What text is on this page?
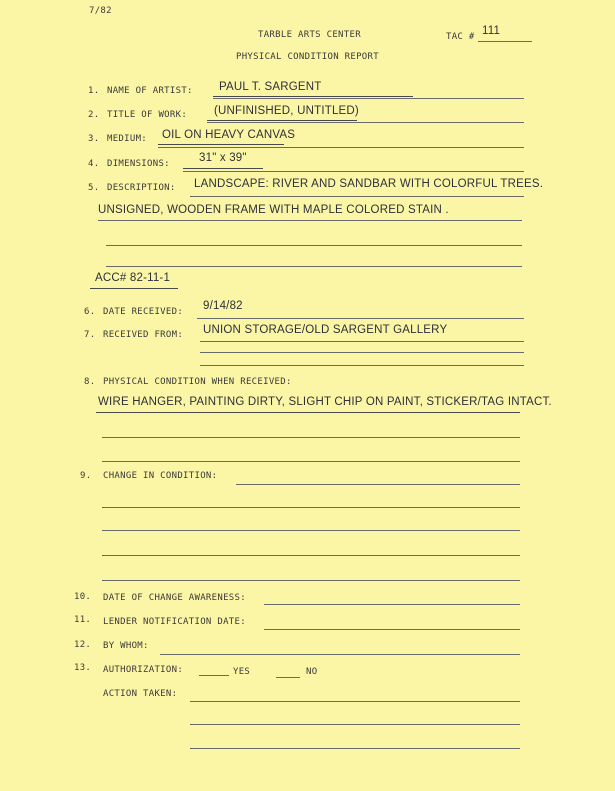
7/82
TARBLE ARTS CENTER	TAC # 111
PHYSICAL CONDITION REPORT
1. NAME OF ARTIST: PAUL T. SARGENT
2. TITLE OF WORK: (UNFINISHED, UNTITLED)
3. MEDIUM: OIL ON HEAVY CANVAS
4. DIMENSIONS:	31" x 39"
5. DESCRIPTION: LANDSCAPE: RIVER AND SANDBAR WITH COLORFUL TREES.
UNSIGNED, WOODEN FRAME WITH MAPLE COLORED STAIN .
ACC# 82-11-1
6. DATE RECEIVED: 9/14/82
7. RECEIVED FROM: UNION STORAGE/OLD SARGENT GALLERY
8. PHYSICAL CONDITION WHEN RECEIVED:
WIRE HANGER, PAINTING DIRTY, SLIGHT CHIP ON PAINT, STICKER/TAG INTACT.
9. CHANGE IN CONDITION:
10. DATE OF CHANGE AWARENESS:
11. LENDER NOTIFICATION DATE:
12. BY WHOM:
13. AUTHORIZATION:	YES	NO
ACTION TAKEN:
